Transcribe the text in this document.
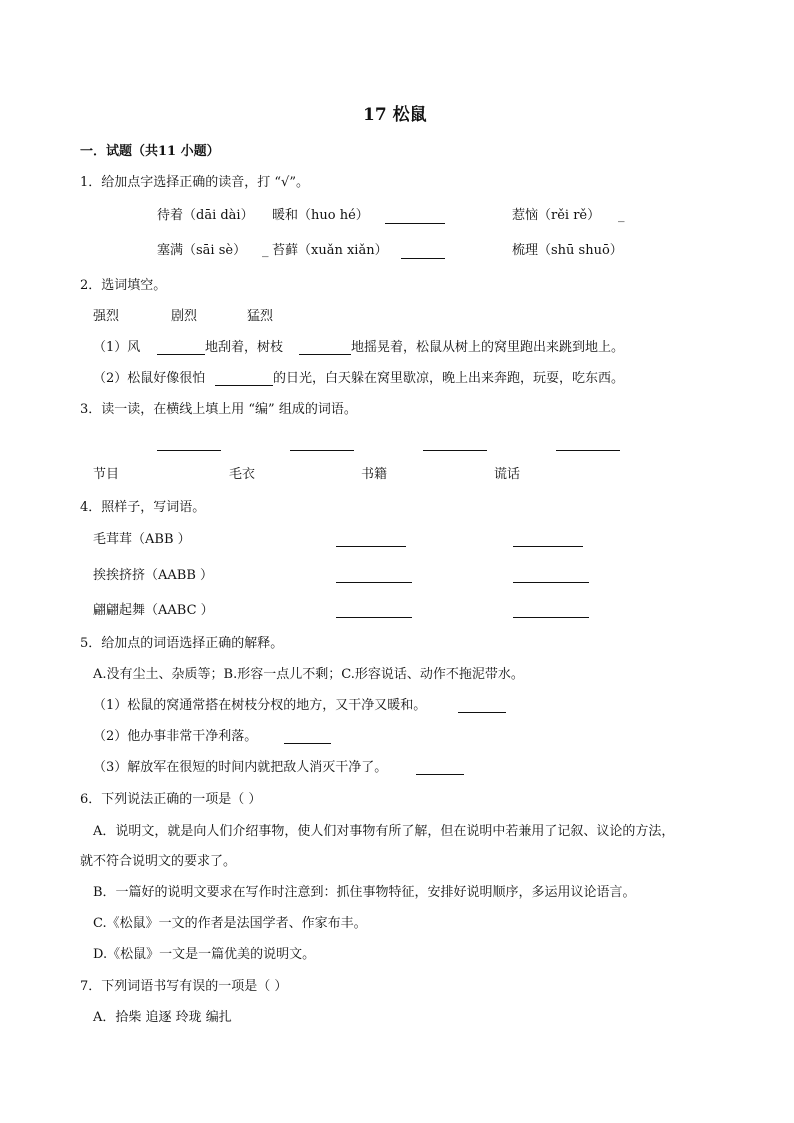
17 松鼠
一．试题（共11 小题）
1．给加点字选择正确的读音，打 “√”。
待着（dāi dài） 暖和（huo hé）	惹恼（rěi rě） _
塞满（sāi sè） _ 苔藓（xuǎn xiǎn）	梳理（shū shuō）
2．选词填空。
强烈	剧烈	猛烈
（1）风	地刮着，树枝	地摇晃着，松鼠从树上的窝里跑出来跳到地上。
（2）松鼠好像很怕	的日光，白天躲在窝里歇凉，晚上出来奔跑，玩耍，吃东西。
3．读一读，在横线上填上用 “编” 组成的词语。
节目	毛衣	书籍	谎话
4．照样子，写词语。
毛茸茸（ABB ）
挨挨挤挤（AABB ）
翩翩起舞（AABC ）
5．给加点的词语选择正确的解释。
A.没有尘土、杂质等；B.形容一点儿不剩；C.形容说话、动作不拖泥带水。
（1）松鼠的窝通常搭在树枝分杈的地方，又干净又暖和。
（2）他办事非常干净利落。
（3）解放军在很短的时间内就把敌人消灭干净了。
6．下列说法正确的一项是（ ）
A．说明文，就是向人们介绍事物，使人们对事物有所了解，但在说明中若兼用了记叙、议论的方法，
就不符合说明文的要求了。
B．一篇好的说明文要求在写作时注意到：抓住事物特征，安排好说明顺序，多运用议论语言。
C.《松鼠》一文的作者是法国学者、作家布丰。
D.《松鼠》一文是一篇优美的说明文。
7．下列词语书写有误的一项是（ ）
A．拾柴 追逐 玲珑 编扎
